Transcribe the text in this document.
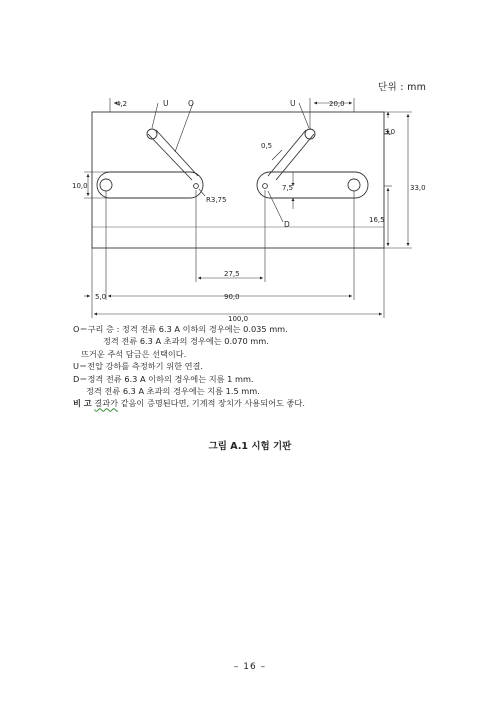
단위 : mm
4,2	U	O	U	20,0
3,0
0,5
10,0	7,5	33,0
R3,75
D	16,5
27,5
5,0	90,0
100,0
O＝구리 층 : 정격 전류 6.3 A 이하의 경우에는 0.035 mm.
정격 전류 6.3 A 초과의 경우에는 0.070 mm.
뜨거운 주석 담금은 선택이다.
U＝전압 강하를 측정하기 위한 연결.
D＝정격 전류 6.3 A 이하의 경우에는 지름 1 mm.
정격 전류 6.3 A 초과의 경우에는 지름 1.5 mm.
비 고 결과가 같음이 증명된다면, 기계적 장치가 사용되어도 좋다.
그림 A.1 시험 기판
– 16 –
